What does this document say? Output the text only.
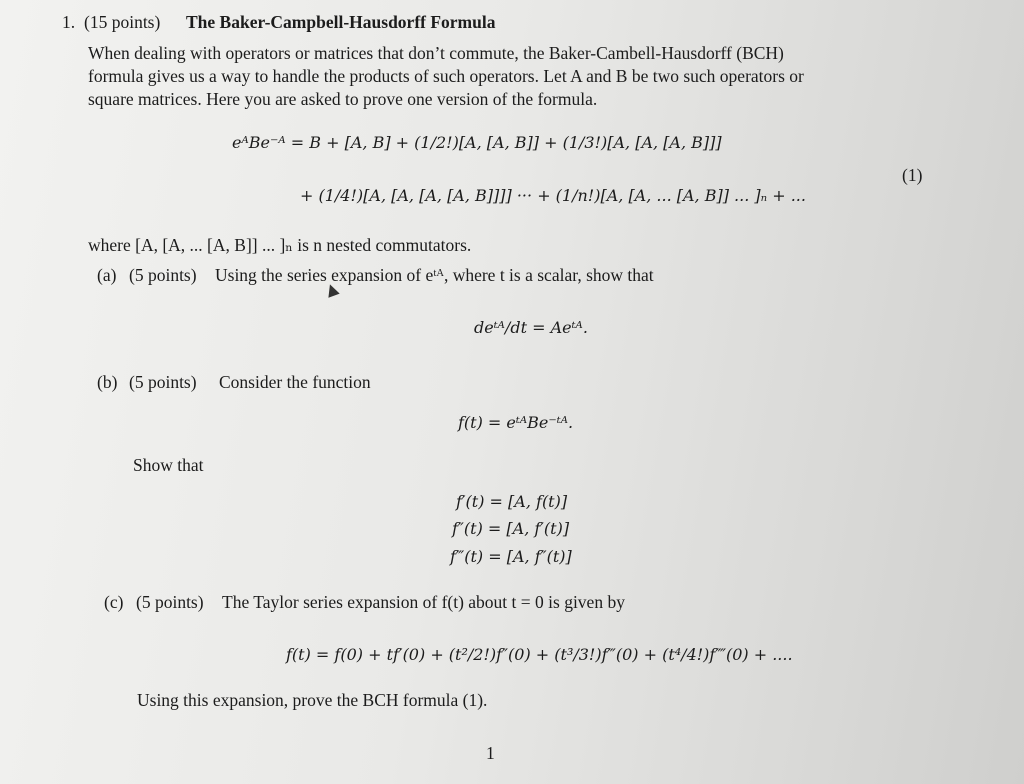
1. (15 points) The Baker-Campbell-Hausdorff Formula
When dealing with operators or matrices that don’t commute, the Baker-Cambell-Hausdorff (BCH)
formula gives us a way to handle the products of such operators. Let A and B be two such operators or
square matrices. Here you are asked to prove one version of the formula.
eᴬBe⁻ᴬ = B + [A, B] + (1/2!)[A, [A, B]] + (1/3!)[A, [A, [A, B]]]
+ (1/4!)[A, [A, [A, [A, B]]]] ··· + (1/n!)[A, [A, ... [A, B]] ... ]ₙ + ...
(1)
where [A, [A, ... [A, B]] ... ]ₙ is n nested commutators.
(a) (5 points) Using the series expansion of eᵗᴬ, where t is a scalar, show that
deᵗᴬ/dt = Aeᵗᴬ.
(b) (5 points) Consider the function
f(t) = eᵗᴬBe⁻ᵗᴬ.
Show that
f′(t) = [A, f(t)]
f″(t) = [A, f′(t)]
f‴(t) = [A, f″(t)]
(c) (5 points) The Taylor series expansion of f(t) about t = 0 is given by
f(t) = f(0) + tf′(0) + (t²/2!)f″(0) + (t³/3!)f‴(0) + (t⁴/4!)f⁗(0) + ....
Using this expansion, prove the BCH formula (1).
1
